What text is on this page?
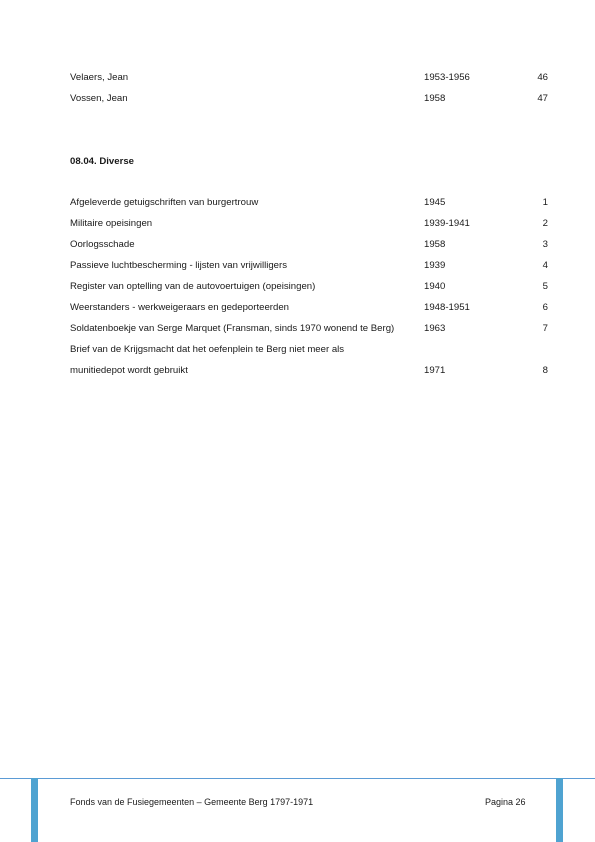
Velaers, Jean	1953-1956	46
Vossen, Jean	1958	47
08.04. Diverse
Afgeleverde getuigschriften van burgertrouw	1945	1
Militaire opeisingen	1939-1941	2
Oorlogsschade	1958	3
Passieve luchtbescherming - lijsten van vrijwilligers	1939	4
Register van optelling van de autovoertuigen (opeisingen)	1940	5
Weerstanders - werkweigeraars en gedeporteerden	1948-1951	6
Soldatenboekje van Serge Marquet (Fransman, sinds 1970 wonend te Berg)	1963	7
Brief van de Krijgsmacht dat het oefenplein te Berg niet meer als
munitiedepot wordt gebruikt	1971	8
Fonds van de Fusiegemeenten – Gemeente Berg 1797-1971	Pagina 26
